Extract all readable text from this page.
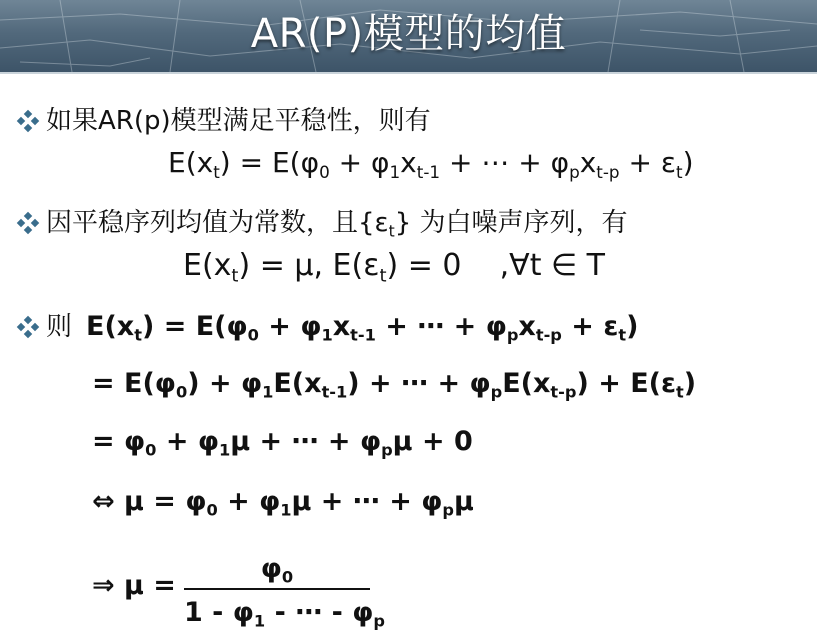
AR(P)模型的均值
如果AR(p)模型满足平稳性，则有
$E(x_t) = E(\varphi_0 + \varphi_1x_{t-1}$ + ⋯ + $\varphi_px_{t-p} + \varepsilon_t$)
因平稳序列均值为常数，且$\{\varepsilon_t\}$ 为白噪声序列，有
$E(x_t) = \mu$, $E(\varepsilon_t) = 0$    ,∀t ∈ T
则 $E(x_t) = E(\varphi_0 + \varphi_1x_{t-1}$ + ⋯ + $\varphi_px_{t-p} + \varepsilon_t$)
= $E(\varphi_0) + \varphi_1E(x_{t-1})$ + ⋯ + $\varphi_pE(x_{t-p}) + E(\varepsilon_t)$
= $\varphi_0 + \varphi_1\mu$ + ⋯ + $\varphi_p\mu + 0$
⇔ $\mu = \varphi_0 + \varphi_1\mu$ + ⋯ + $\varphi_p\mu$
⇒ μ =
$\varphi_0$
$1 - \varphi_1$ - ⋯ - $\varphi_p$
